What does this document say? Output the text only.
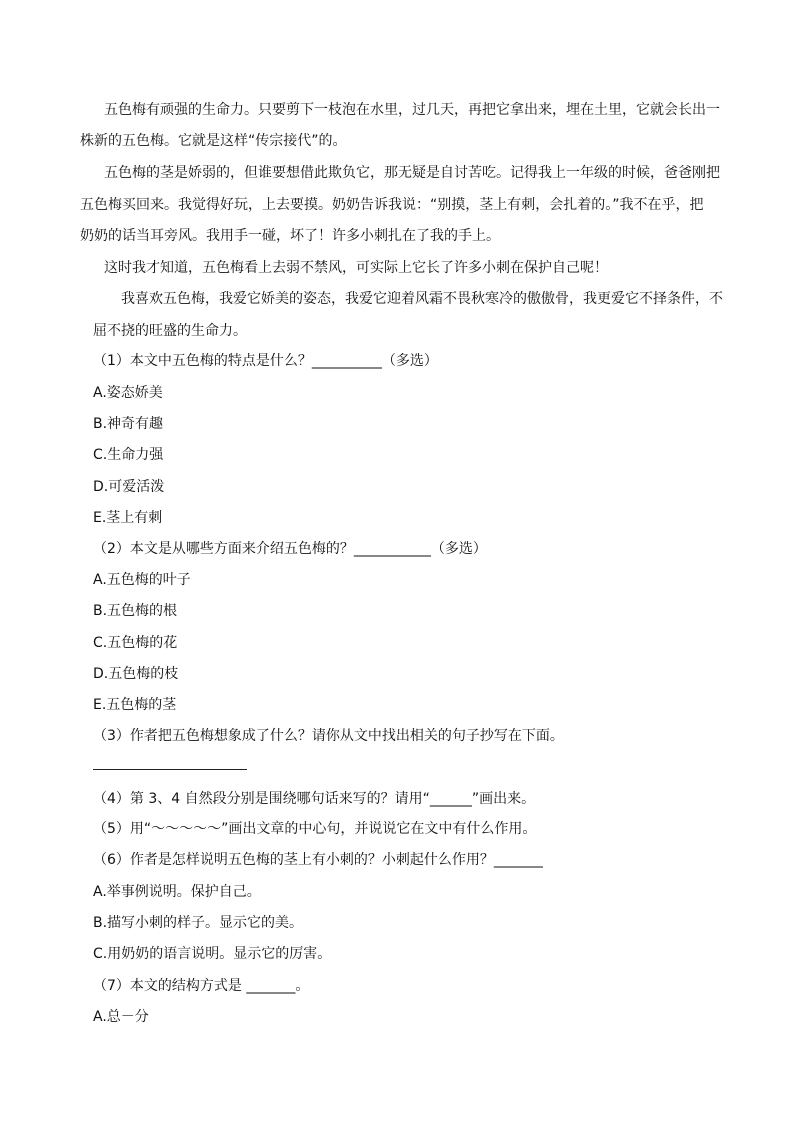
五色梅有顽强的生命力。只要剪下一枝泡在水里，过几天，再把它拿出来，埋在土里，它就会长出一
株新的五色梅。它就是这样“传宗接代”的。
五色梅的茎是娇弱的，但谁要想借此欺负它，那无疑是自讨苦吃。记得我上一年级的时候，爸爸刚把
五色梅买回来。我觉得好玩，上去要摸。奶奶告诉我说：“别摸，茎上有刺，会扎着的。”我不在乎，把
奶奶的话当耳旁风。我用手一碰，坏了！许多小刺扎在了我的手上。
这时我才知道，五色梅看上去弱不禁风，可实际上它长了许多小刺在保护自己呢！
我喜欢五色梅，我爱它娇美的姿态，我爱它迎着风霜不畏秋寒冷的傲傲骨，我更爱它不择条件，不
屈不挠的旺盛的生命力。
（1）本文中五色梅的特点是什么？__________（多选）
A.姿态娇美
B.神奇有趣
C.生命力强
D.可爱活泼
E.茎上有刺
（2）本文是从哪些方面来介绍五色梅的？___________（多选）
A.五色梅的叶子
B.五色梅的根
C.五色梅的花
D.五色梅的枝
E.五色梅的茎
（3）作者把五色梅想象成了什么？请你从文中找出相关的句子抄写在下面。
（4）第 3、4 自然段分别是围绕哪句话来写的？请用“______”画出来。
（5）用“～～～～～”画出文章的中心句，并说说它在文中有什么作用。
（6）作者是怎样说明五色梅的茎上有小刺的？小刺起什么作用？_______
A.举事例说明。保护自己。
B.描写小刺的样子。显示它的美。
C.用奶奶的语言说明。显示它的厉害。
（7）本文的结构方式是 _______。
A.总－分
